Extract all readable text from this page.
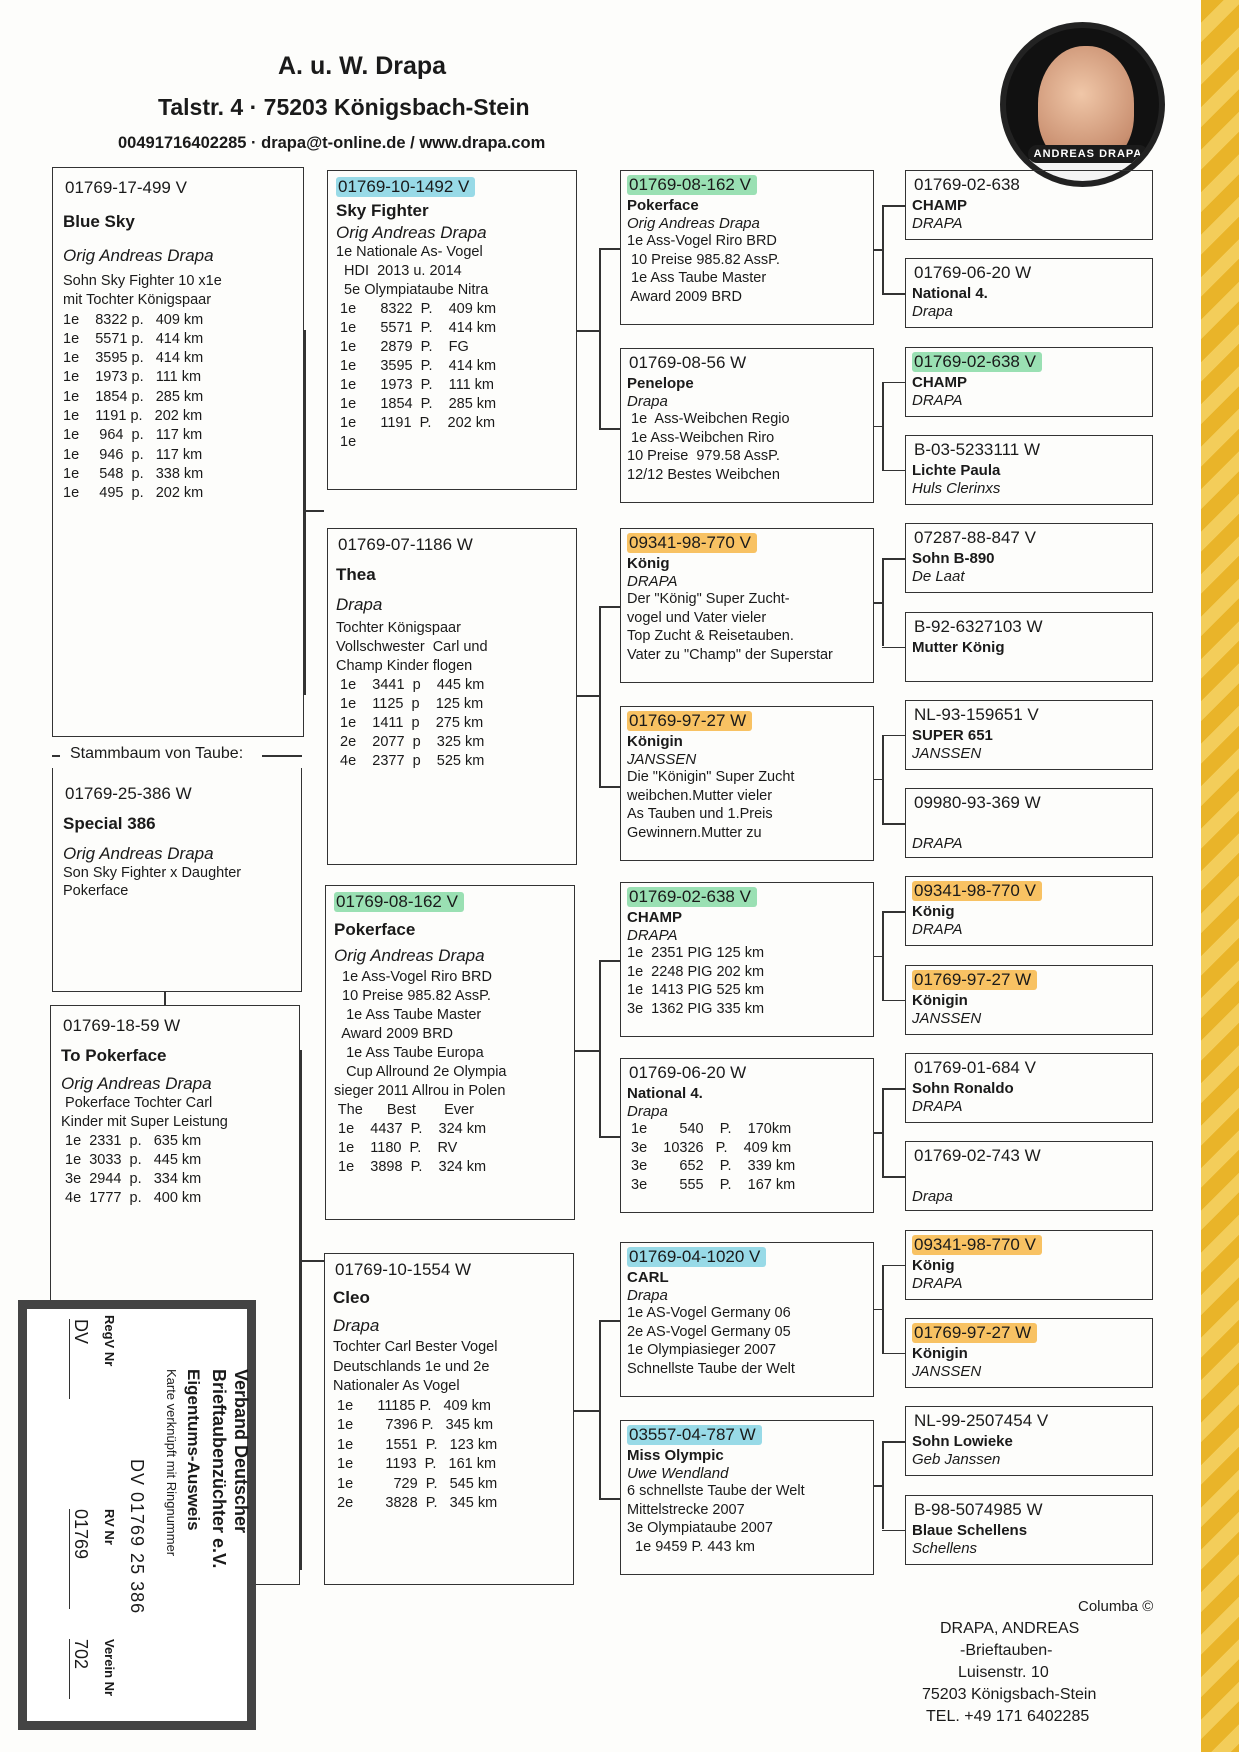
A. u. W. Drapa
Talstr. 4 · 75203 Königsbach-Stein
00491716402285 · drapa@t-online.de / www.drapa.com
ANDREAS DRAPA
01769-17-499 V
Blue Sky
Orig Andreas Drapa
Sohn Sky Fighter 10 x1e
mit Tochter Königspaar
1e    8322 p.   409 km
1e    5571 p.   414 km
1e    3595 p.   414 km
1e    1973 p.   111 km
1e    1854 p.   285 km
1e    1191 p.   202 km
1e     964  p.   117 km
1e     946  p.   117 km
1e     548  p.   338 km
1e     495  p.   202 km
Stammbaum von Taube:
01769-25-386 W
Special 386
Orig Andreas Drapa
Son Sky Fighter x Daughter
Pokerface
01769-18-59 W
To Pokerface
Orig Andreas Drapa
Pokerface Tochter Carl
Kinder mit Super Leistung
1e  2331  p.   635 km
1e  3033  p.   445 km
3e  2944  p.   334 km
4e  1777  p.   400 km
01769-10-1492 V
Sky Fighter
Orig Andreas Drapa
1e Nationale As- Vogel
HDI  2013 u. 2014
5e Olympiataube Nitra
1e      8322  P.    409 km
1e      5571  P.    414 km
1e      2879  P.    FG
1e      3595  P.    414 km
1e      1973  P.    111 km
1e      1854  P.    285 km
1e      1191  P.    202 km
1e
01769-07-1186 W
Thea
Drapa
Tochter Königspaar
Vollschwester  Carl und
Champ Kinder flogen
1e    3441  p    445 km
1e    1125  p    125 km
1e    1411  p    275 km
2e    2077  p    325 km
4e    2377  p    525 km
01769-08-162 V
Pokerface
Orig Andreas Drapa
1e Ass-Vogel Riro BRD
10 Preise 985.82 AssP.
1e Ass Taube Master
Award 2009 BRD
1e Ass Taube Europa
Cup Allround 2e Olympia
sieger 2011 Allrou in Polen
The      Best       Ever
1e    4437  P.    324 km
1e    1180  P.    RV
1e    3898  P.    324 km
01769-10-1554 W
Cleo
Drapa
Tochter Carl Bester Vogel
Deutschlands 1e und 2e
Nationaler As Vogel
1e      11185 P.   409 km
1e        7396 P.   345 km
1e        1551  P.   123 km
1e        1193  P.   161 km
1e          729  P.   545 km
2e        3828  P.   345 km
01769-08-162 V
Pokerface
Orig Andreas Drapa
1e Ass-Vogel Riro BRD
10 Preise 985.82 AssP.
1e Ass Taube Master
Award 2009 BRD
01769-08-56 W
Penelope
Drapa
1e  Ass-Weibchen Regio
1e Ass-Weibchen Riro
10 Preise  979.58 AssP.
12/12 Bestes Weibchen
09341-98-770 V
König
DRAPA
Der "König" Super Zucht-
vogel und Vater vieler
Top Zucht & Reisetauben.
Vater zu "Champ" der Superstar
01769-97-27 W
Königin
JANSSEN
Die "Königin" Super Zucht
weibchen.Mutter vieler
As Tauben und 1.Preis
Gewinnern.Mutter zu
01769-02-638 V
CHAMP
DRAPA
1e  2351 PIG 125 km
1e  2248 PIG 202 km
1e  1413 PIG 525 km
3e  1362 PIG 335 km
01769-06-20 W
National 4.
Drapa
1e        540    P.    170km
3e    10326   P.    409 km
3e        652    P.    339 km
3e        555    P.    167 km
01769-04-1020 V
CARL
Drapa
1e AS-Vogel Germany 06
2e AS-Vogel Germany 05
1e Olympiasieger 2007
Schnellste Taube der Welt
03557-04-787 W
Miss Olympic
Uwe Wendland
6 schnellste Taube der Welt
Mittelstrecke 2007
3e Olympiataube 2007
1e 9459 P. 443 km
01769-02-638
CHAMP
DRAPA
01769-06-20 W
National 4.
Drapa
01769-02-638 V
CHAMP
DRAPA
B-03-5233111 W
Lichte Paula
Huls Clerinxs
07287-88-847 V
Sohn B-890
De Laat
B-92-6327103 W
Mutter König
NL-93-159651 V
SUPER 651
JANSSEN
09980-93-369 W
DRAPA
09341-98-770 V
König
DRAPA
01769-97-27 W
Königin
JANSSEN
01769-01-684 V
Sohn Ronaldo
DRAPA
01769-02-743 W
Drapa
09341-98-770 V
König
DRAPA
01769-97-27 W
Königin
JANSSEN
NL-99-2507454 V
Sohn Lowieke
Geb Janssen
B-98-5074985 W
Blaue Schellens
Schellens
Columba ©
DRAPA, ANDREAS
-Brieftauben-
Luisenstr. 10
75203 Königsbach-Stein
TEL. +49 171 6402285
Verband Deutscher
Brieftaubenzüchter e.V.
Eigentums-Ausweis
Karte verknüpft mit Ringnummer
DV 01769 25 386
RegV Nr
RV Nr
Verein Nr
DV
01769
702
